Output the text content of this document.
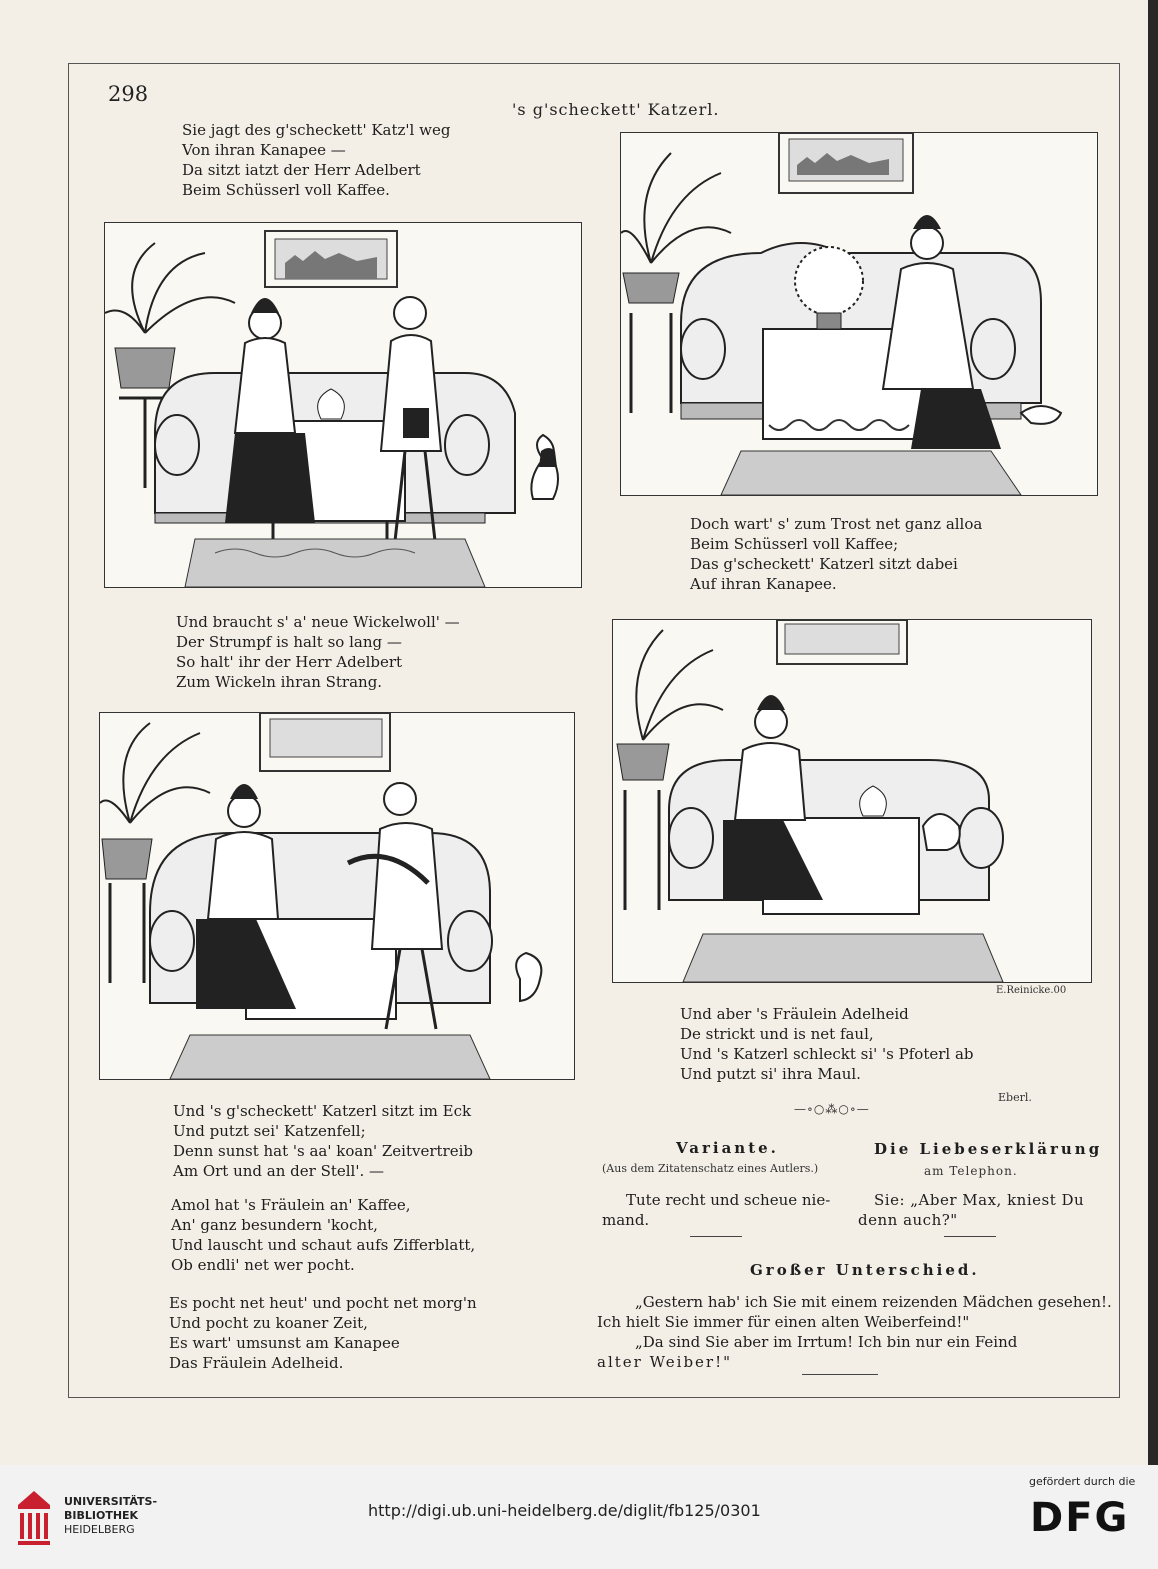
298
's g'scheckett' Katzerl.
Sie jagt des g'scheckett' Katz'l weg
Von ihran Kanapee —
Da sitzt iatzt der Herr Adelbert
Beim Schüsserl voll Kaffee.
Doch wart' s' zum Trost net ganz alloa
Beim Schüsserl voll Kaffee;
Das g'scheckett' Katzerl sitzt dabei
Auf ihran Kanapee.
Und braucht s' a' neue Wickelwoll' —
Der Strumpf is halt so lang —
So halt' ihr der Herr Adelbert
Zum Wickeln ihran Strang.
E.Reinicke.00
Und aber 's Fräulein Adelheid
De strickt und is net faul,
Und 's Katzerl schleckt si' 's Pfoterl ab
Und putzt si' ihra Maul.
Eberl.
—∘○⁂○∘—
Und 's g'scheckett' Katzerl sitzt im Eck
Und putzt sei' Katzenfell;
Denn sunst hat 's aa' koan' Zeitvertreib
Am Ort und an der Stell'. —
Amol hat 's Fräulein an' Kaffee,
An' ganz besundern 'kocht,
Und lauscht und schaut aufs Zifferblatt,
Ob endli' net wer pocht.
Es pocht net heut' und pocht net morg'n
Und pocht zu koaner Zeit,
Es wart' umsunst am Kanapee
Das Fräulein Adelheid.
Variante.
(Aus dem Zitatenschatz eines Autlers.)
Tute recht und scheue nie-
mand.
Die Liebeserklärung
am Telephon.
Sie: „Aber Max, kniest Du
denn auch?"
Großer Unterschied.
„Gestern hab' ich Sie mit einem reizenden Mädchen gesehen!.
Ich hielt Sie immer für einen alten Weiberfeind!"
„Da sind Sie aber im Irrtum! Ich bin nur ein Feind
alter Weiber!"
UNIVERSITÄTS-
BIBLIOTHEK
HEIDELBERG
http://digi.ub.uni-heidelberg.de/diglit/fb125/0301
gefördert durch die
DFG
